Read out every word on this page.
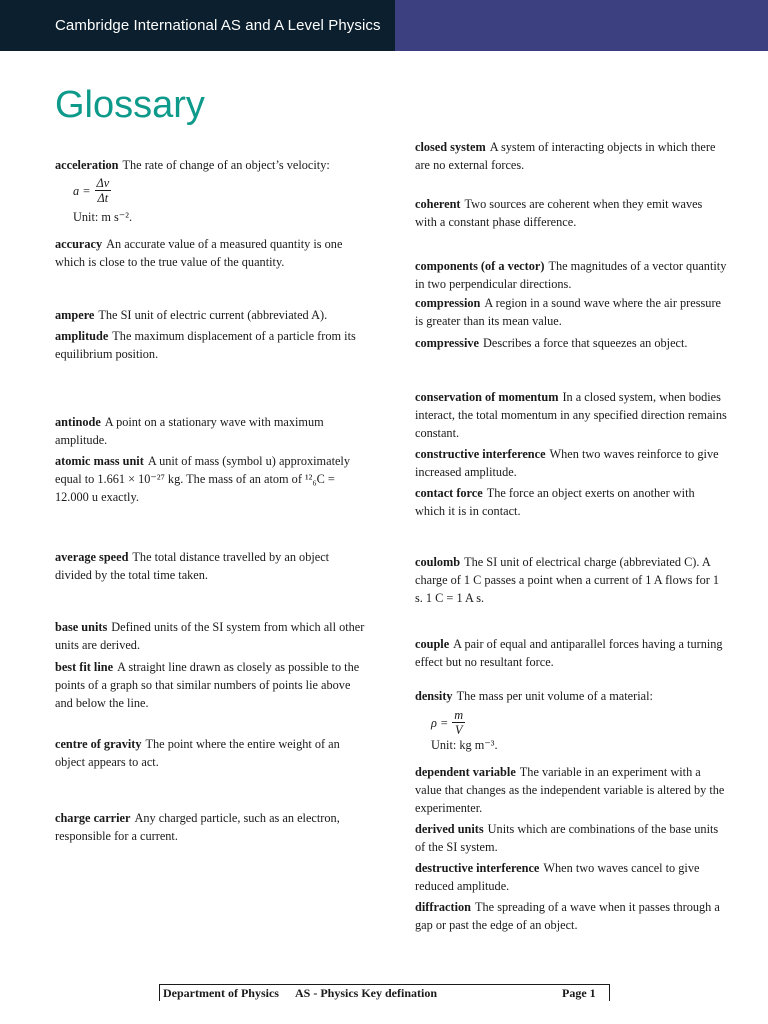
Cambridge International AS and A Level Physics
Glossary
acceleration The rate of change of an object’s velocity:
$a = \frac{\Delta v}{\Delta t}$
Unit: m s⁻².
accuracy An accurate value of a measured quantity is one which is close to the true value of the quantity.
ampere The SI unit of electric current (abbreviated A).
amplitude The maximum displacement of a particle from its equilibrium position.
antinode A point on a stationary wave with maximum amplitude.
atomic mass unit A unit of mass (symbol u) approximately equal to 1.661 × 10⁻²⁷ kg. The mass of an atom of ¹²₆C = 12.000 u exactly.
average speed The total distance travelled by an object divided by the total time taken.
base units Defined units of the SI system from which all other units are derived.
best fit line A straight line drawn as closely as possible to the points of a graph so that similar numbers of points lie above and below the line.
centre of gravity The point where the entire weight of an object appears to act.
charge carrier Any charged particle, such as an electron, responsible for a current.
closed system A system of interacting objects in which there are no external forces.
coherent Two sources are coherent when they emit waves with a constant phase difference.
components (of a vector) The magnitudes of a vector quantity in two perpendicular directions.
compression A region in a sound wave where the air pressure is greater than its mean value.
compressive Describes a force that squeezes an object.
conservation of momentum In a closed system, when bodies interact, the total momentum in any specified direction remains constant.
constructive interference When two waves reinforce to give increased amplitude.
contact force The force an object exerts on another with which it is in contact.
coulomb The SI unit of electrical charge (abbreviated C). A charge of 1 C passes a point when a current of 1 A flows for 1 s. 1 C = 1 A s.
couple A pair of equal and antiparallel forces having a turning effect but no resultant force.
density The mass per unit volume of a material:
$\rho = \frac{m}{V}$
Unit: kg m⁻³.
dependent variable The variable in an experiment with a value that changes as the independent variable is altered by the experimenter.
derived units Units which are combinations of the base units of the SI system.
destructive interference When two waves cancel to give reduced amplitude.
diffraction The spreading of a wave when it passes through a gap or past the edge of an object.
Department of Physics AS - Physics Key defination	Page 1
